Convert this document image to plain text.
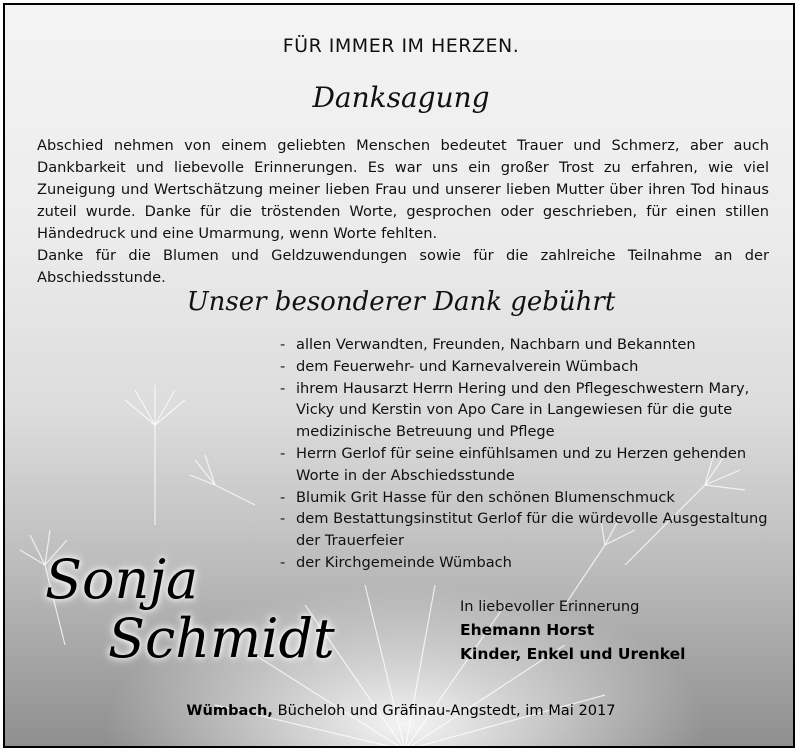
FÜR IMMER IM HERZEN.
Danksagung

Abschied nehmen von einem geliebten Menschen bedeutet Trauer und Schmerz, aber auch Dankbarkeit und liebevolle Erinnerungen. Es war uns ein großer Trost zu erfahren, wie viel Zuneigung und Wertschätzung meiner lieben Frau und unserer lieben Mutter über ihren Tod hinaus zuteil wurde. Danke für die tröstenden Worte, gesprochen oder geschrieben, für einen stillen Händedruck und eine Umarmung, wenn Worte fehlten.

Danke für die Blumen und Geldzuwendungen sowie für die zahlreiche Teilnahme an der Abschiedsstunde.

Unser besonderer Dank gebührt
- allen Verwandten, Freunden, Nachbarn und Bekannten
- dem Feuerwehr- und Karnevalverein Wümbach
- ihrem Hausarzt Herrn Hering und den Pflegeschwestern Mary, Vicky und Kerstin von Apo Care in Langewiesen für die gute medizinische Betreuung und Pflege
- Herrn Gerlof für seine einfühlsamen und zu Herzen gehenden Worte in der Abschiedsstunde
- Blumik Grit Hasse für den schönen Blumenschmuck
- dem Bestattungsinstitut Gerlof für die würdevolle Ausgestaltung der Trauerfeier
- der Kirchgemeinde Wümbach
Sonja
Schmidt
In liebevoller Erinnerung
Ehemann Horst
Kinder, Enkel und Urenkel
Wümbach, Bücheloh und Gräfinau-Angstedt, im Mai 2017
